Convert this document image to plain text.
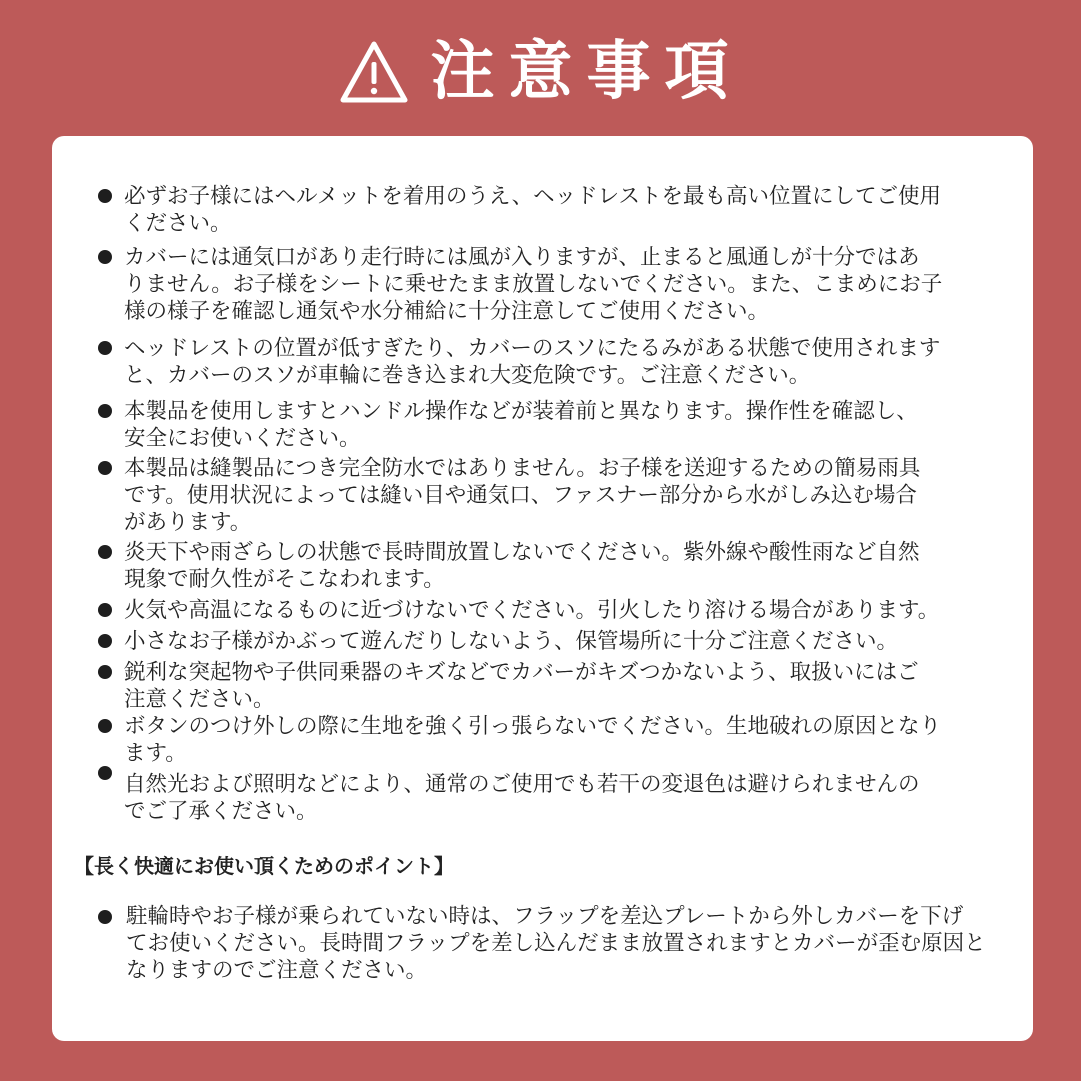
注意事項
必ずお子様にはヘルメットを着用のうえ、ヘッドレストを最も高い位置にしてご使用
ください。
カバーには通気口があり走行時には風が入りますが、止まると風通しが十分ではあ
りません。お子様をシートに乗せたまま放置しないでください。また、こまめにお子
様の様子を確認し通気や水分補給に十分注意してご使用ください。
ヘッドレストの位置が低すぎたり、カバーのスソにたるみがある状態で使用されます
と、カバーのスソが車輪に巻き込まれ大変危険です。ご注意ください。
本製品を使用しますとハンドル操作などが装着前と異なります。操作性を確認し、
安全にお使いください。
本製品は縫製品につき完全防水ではありません。お子様を送迎するための簡易雨具
です。使用状況によっては縫い目や通気口、ファスナー部分から水がしみ込む場合
があります。
炎天下や雨ざらしの状態で長時間放置しないでください。紫外線や酸性雨など自然
現象で耐久性がそこなわれます。
火気や高温になるものに近づけないでください。引火したり溶ける場合があります。
小さなお子様がかぶって遊んだりしないよう、保管場所に十分ご注意ください。
鋭利な突起物や子供同乗器のキズなどでカバーがキズつかないよう、取扱いにはご
注意ください。
ボタンのつけ外しの際に生地を強く引っ張らないでください。生地破れの原因となり
ます。
自然光および照明などにより、通常のご使用でも若干の変退色は避けられませんの
でご了承ください。
【長く快適にお使い頂くためのポイント】
駐輪時やお子様が乗られていない時は、フラップを差込プレートから外しカバーを下げ
てお使いください。長時間フラップを差し込んだまま放置されますとカバーが歪む原因と
なりますのでご注意ください。
